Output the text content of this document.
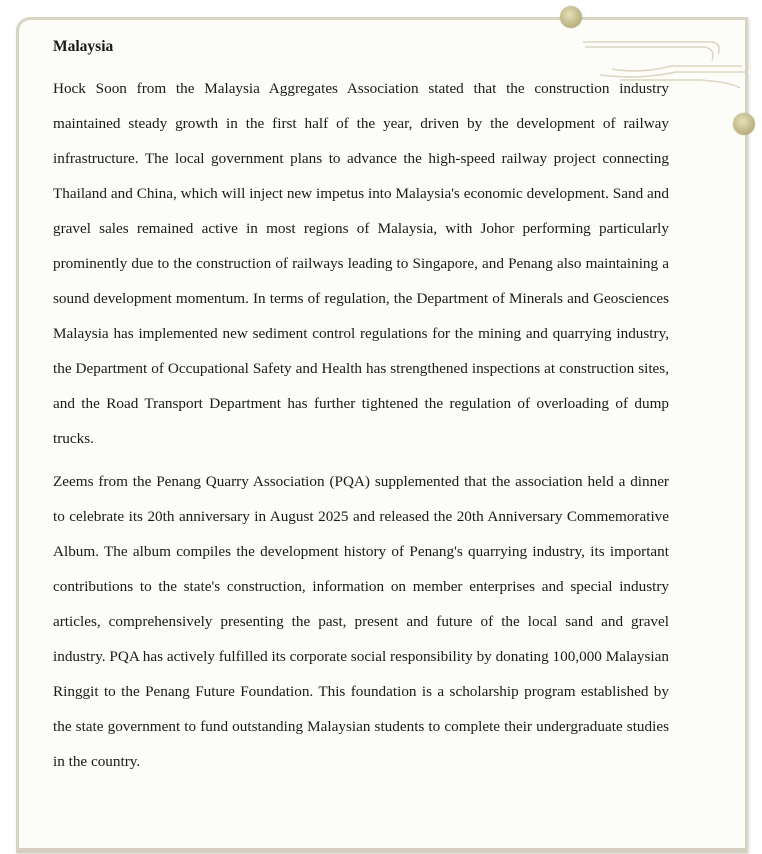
Malaysia

Hock Soon from the Malaysia Aggregates Association stated that the construction industry maintained steady growth in the first half of the year, driven by the development of railway infrastructure. The local government plans to advance the high-speed railway project connecting Thailand and China, which will inject new impetus into Malaysia's economic development. Sand and gravel sales remained active in most regions of Malaysia, with Johor performing particularly prominently due to the construction of railways leading to Singapore, and Penang also maintaining a sound development momentum. In terms of regulation, the Department of Minerals and Geosciences Malaysia has implemented new sediment control regulations for the mining and quarrying industry, the Department of Occupational Safety and Health has strengthened inspections at construction sites, and the Road Transport Department has further tightened the regulation of overloading of dump trucks.

Zeems from the Penang Quarry Association (PQA) supplemented that the association held a dinner to celebrate its 20th anniversary in August 2025 and released the 20th Anniversary Commemorative Album. The album compiles the development history of Penang's quarrying industry, its important contributions to the state's construction, information on member enterprises and special industry articles, comprehensively presenting the past, present and future of the local sand and gravel industry. PQA has actively fulfilled its corporate social responsibility by donating 100,000 Malaysian Ringgit to the Penang Future Foundation. This foundation is a scholarship program established by the state government to fund outstanding Malaysian students to complete their undergraduate studies in the country.
